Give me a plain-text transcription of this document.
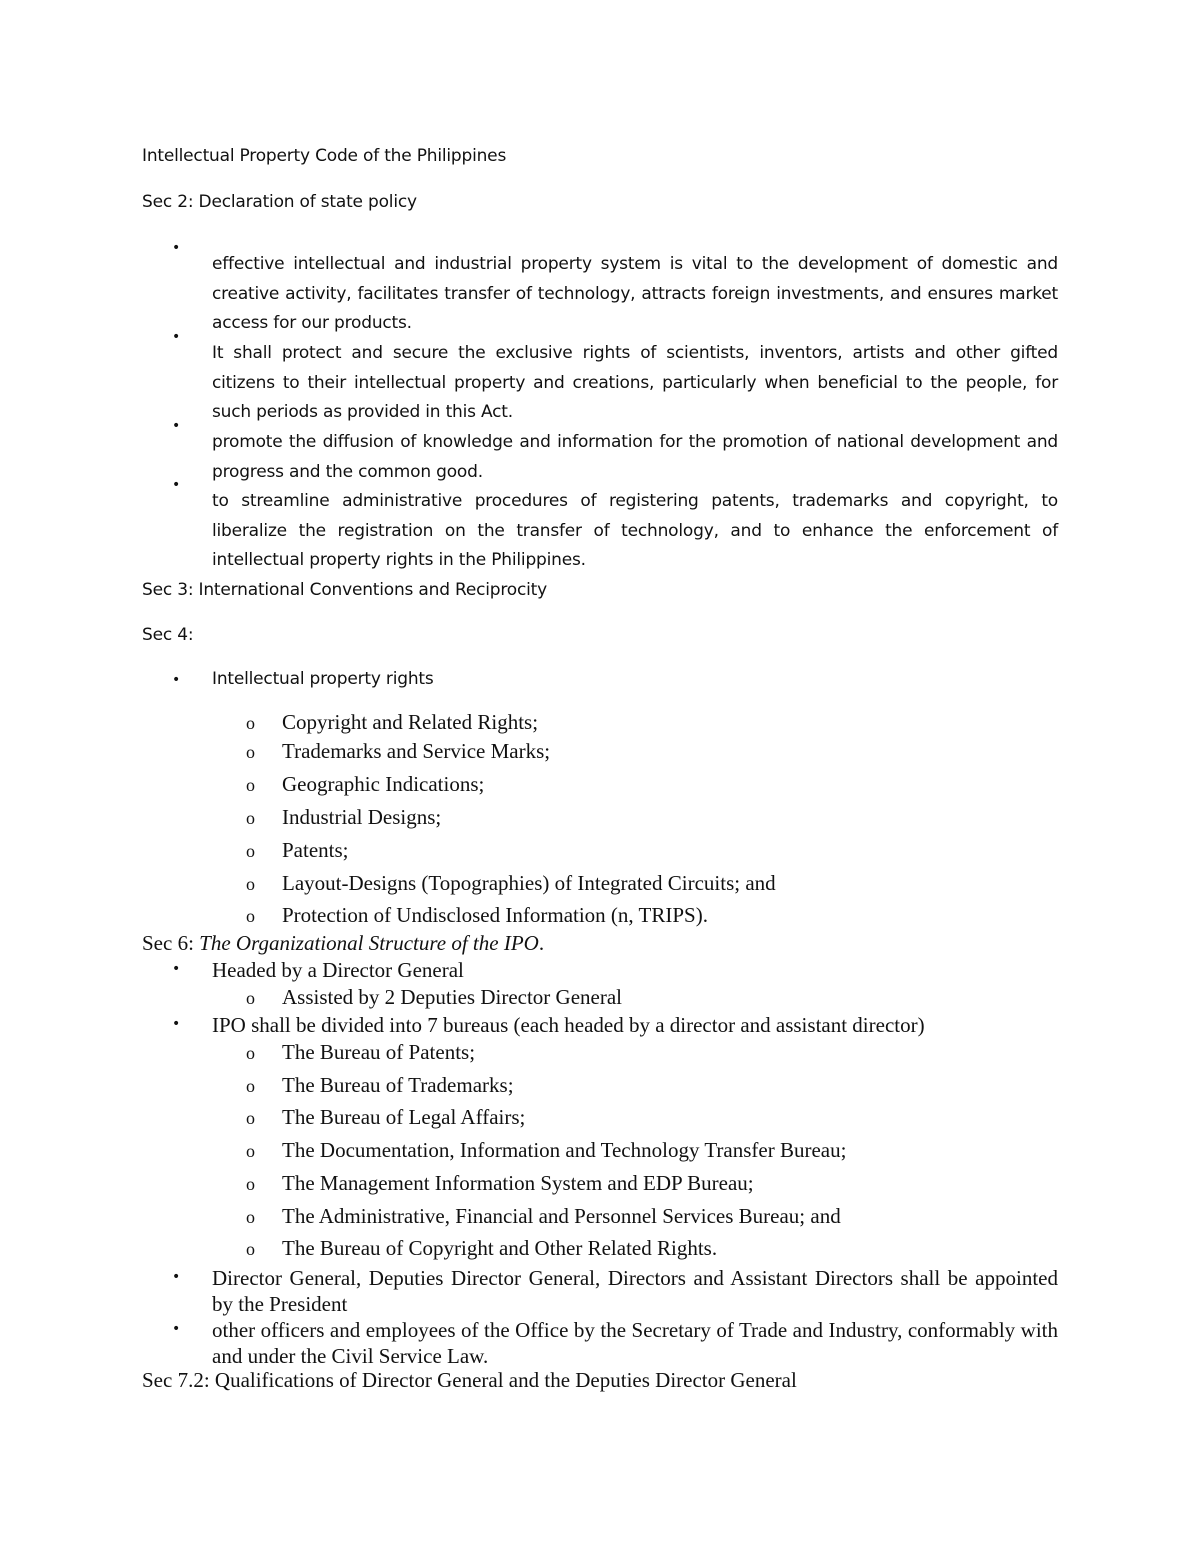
Intellectual Property Code of the Philippines

Sec 2: Declaration of state policy

•

effective intellectual and industrial property system is vital to the development of domestic and creative activity, facilitates transfer of technology, attracts foreign investments, and ensures market access for our products.

•

It shall protect and secure the exclusive rights of scientists, inventors, artists and other gifted citizens to their intellectual property and creations, particularly when beneficial to the people, for such periods as provided in this Act.

•

promote the diffusion of knowledge and information for the promotion of national development and progress and the common good.

•

to streamline administrative procedures of registering patents, trademarks and copyright, to liberalize the registration on the transfer of technology, and to enhance the enforcement of intellectual property rights in the Philippines.

Sec 3: International Conventions and Reciprocity

Sec 4:

• Intellectual property rights

o Copyright and Related Rights;

o Trademarks and Service Marks;

o Geographic Indications;

o Industrial Designs;

o Patents;

o Layout-Designs (Topographies) of Integrated Circuits; and

o Protection of Undisclosed Information (n, TRIPS).

Sec 6: The Organizational Structure of the IPO.

• Headed by a Director General

o Assisted by 2 Deputies Director General

• IPO shall be divided into 7 bureaus (each headed by a director and assistant director)

o The Bureau of Patents;

o The Bureau of Trademarks;

o The Bureau of Legal Affairs;

o The Documentation, Information and Technology Transfer Bureau;

o The Management Information System and EDP Bureau;

o The Administrative, Financial and Personnel Services Bureau; and

o The Bureau of Copyright and Other Related Rights.

• Director General, Deputies Director General, Directors and Assistant Directors shall be appointed by the President

• other officers and employees of the Office by the Secretary of Trade and Industry, conformably with and under the Civil Service Law.

Sec 7.2: Qualifications of Director General and the Deputies Director General
